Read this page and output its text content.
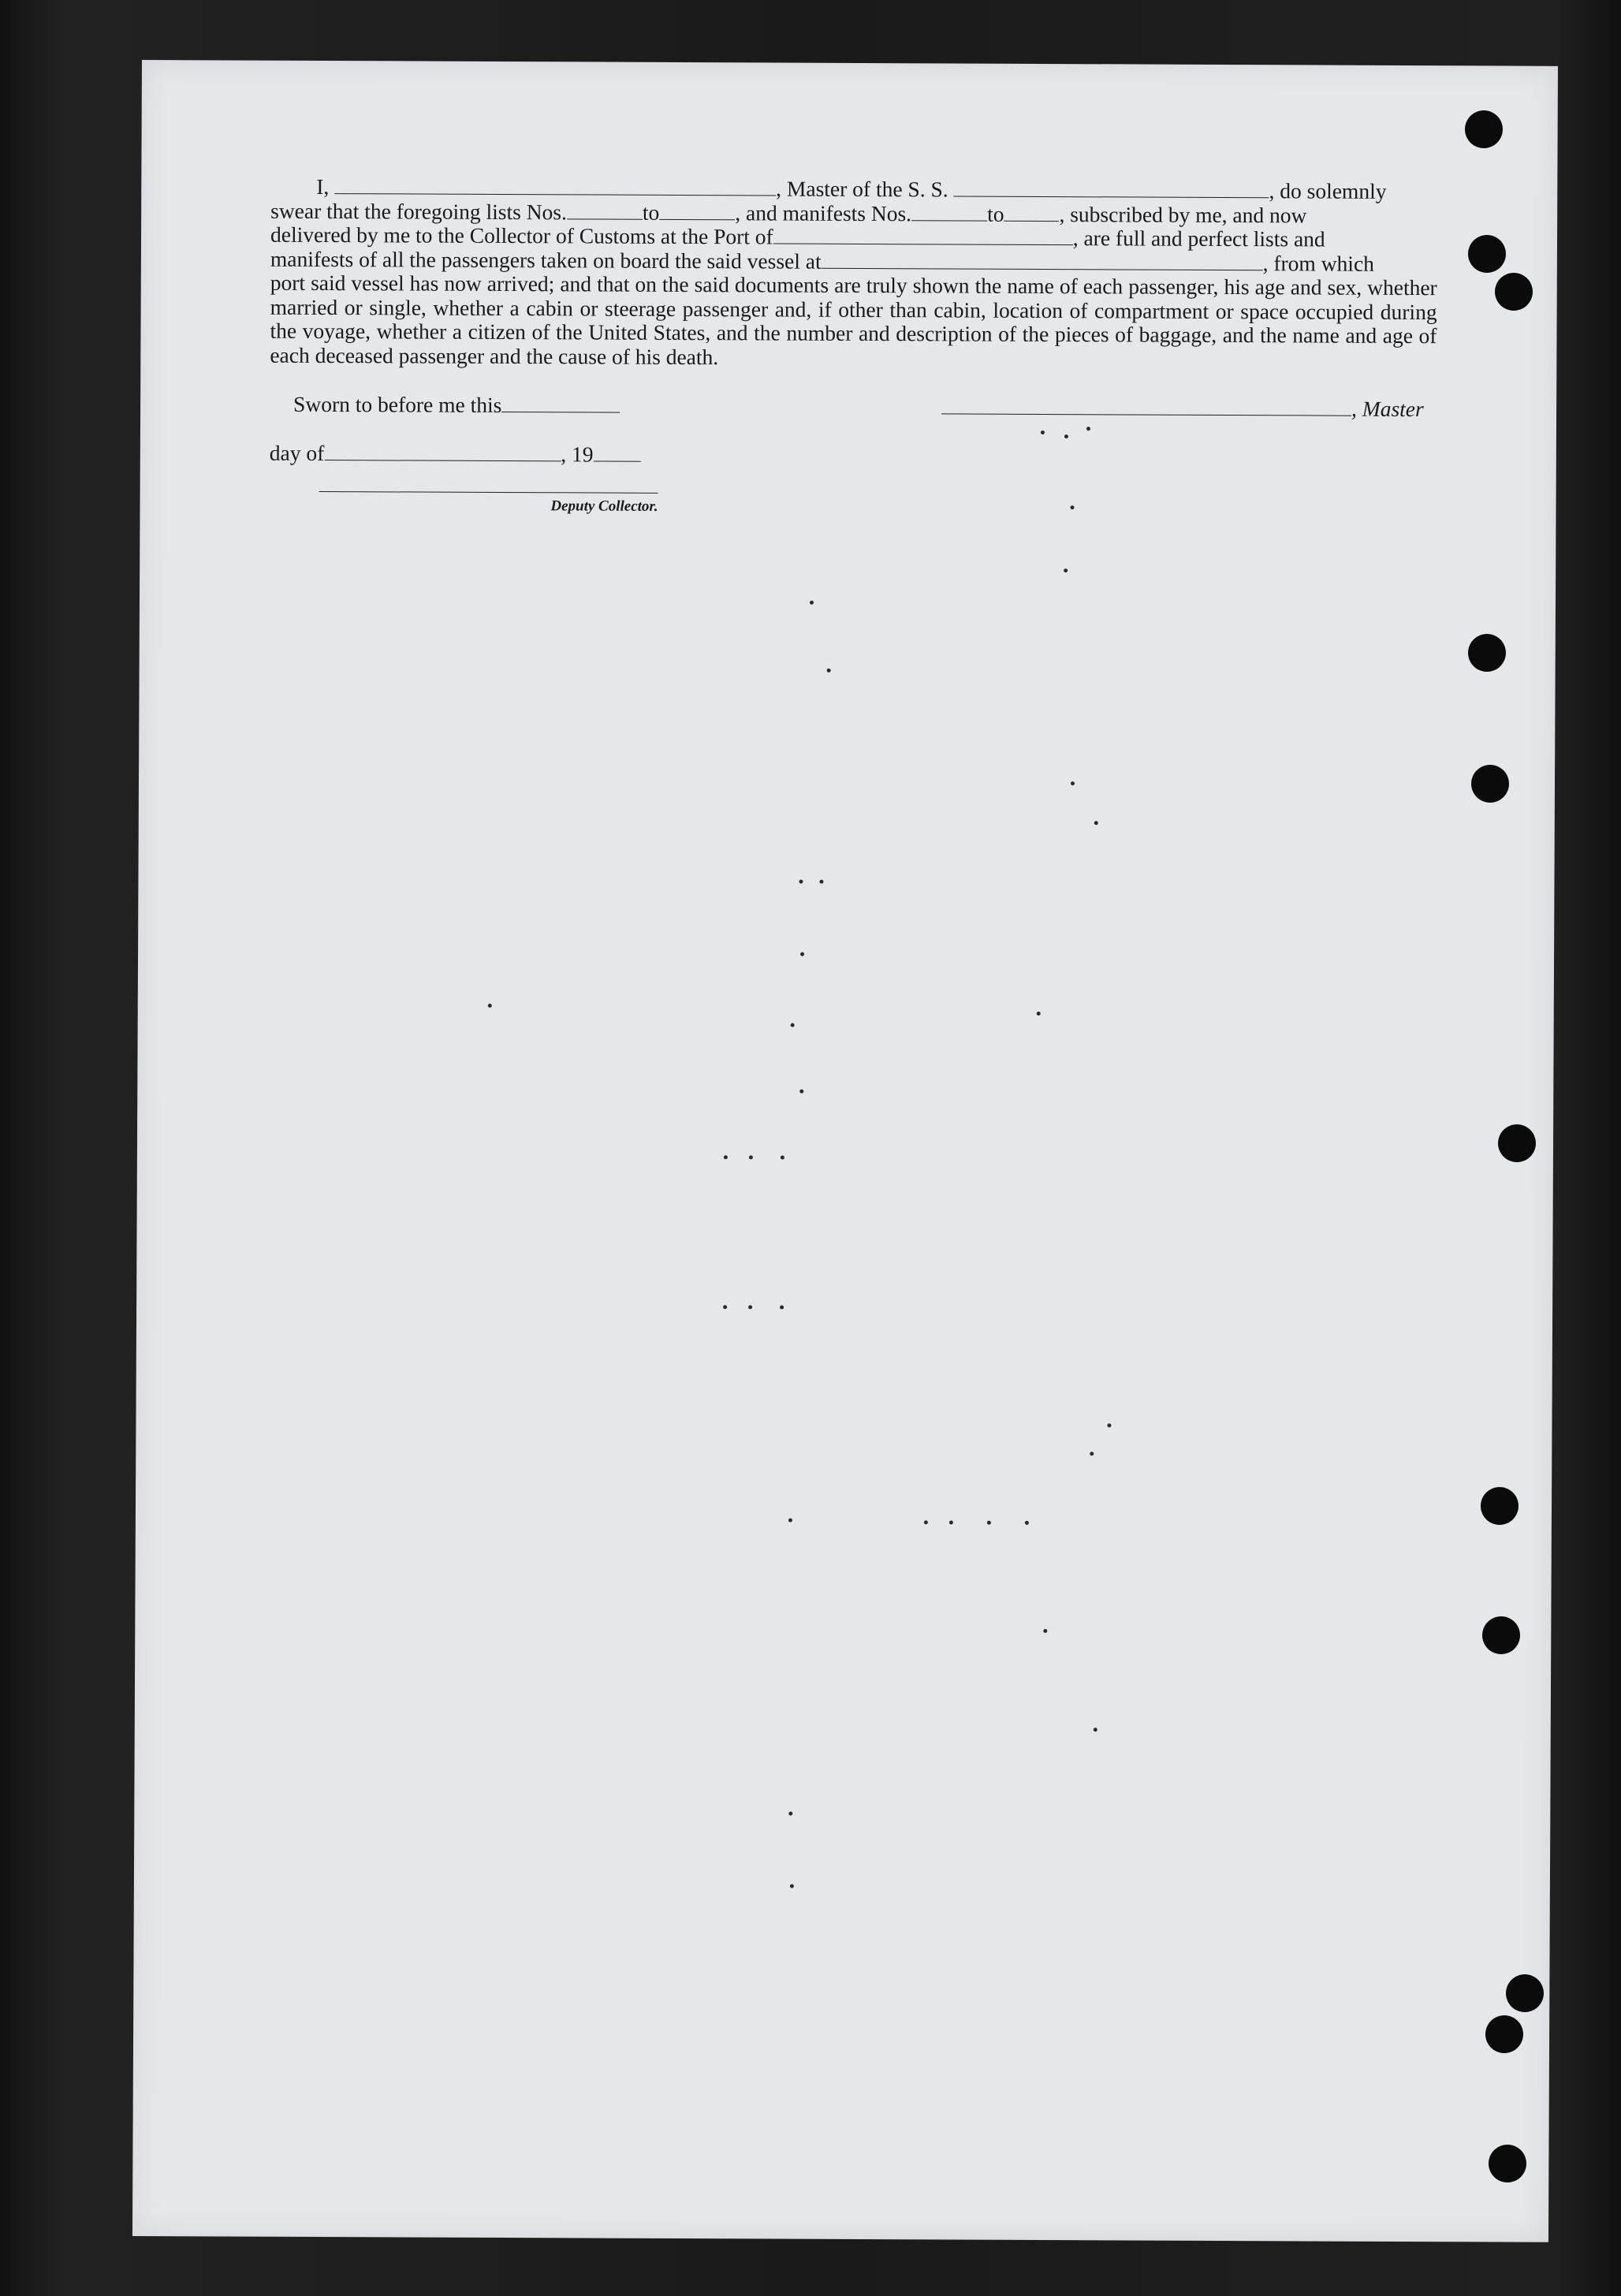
I,	, Master of the S. S.	, do solemnly

swear that the foregoing lists Nos.	to	, and manifests Nos.	to	, subscribed by me, and now

delivered by me to the Collector of Customs at the Port of	, are full and perfect lists and

manifests of all the passengers taken on board the said vessel at	, from which

port said vessel has now arrived; and that on the said documents are truly shown the name of each passenger, his age and sex, whether married or single, whether a cabin or steerage passenger and, if other than cabin, location of compartment or space occupied during the voyage, whether a citizen of the United States, and the number and description of the pieces of baggage, and the name and age of each deceased passenger and the cause of his death.

Sworn to before me this	, Master
day of	, 19
Deputy Collector.
